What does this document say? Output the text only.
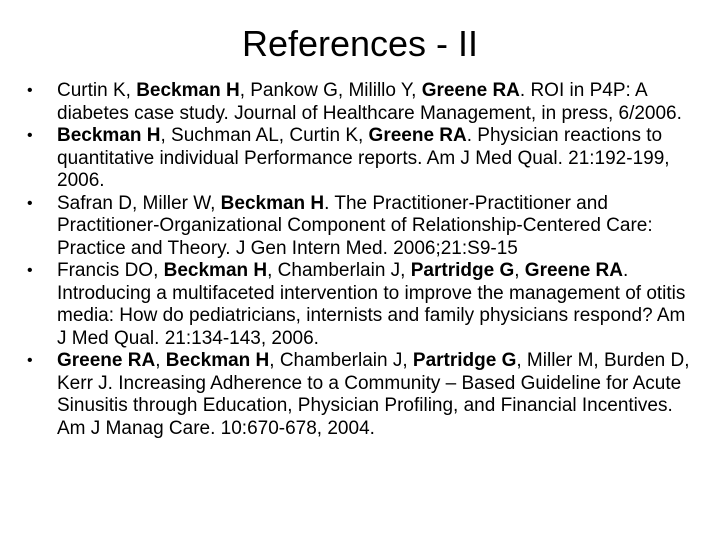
References - II
•	Curtin K, Beckman H, Pankow G, Milillo Y, Greene RA. ROI in P4P: A diabetes case study. Journal of Healthcare Management, in press, 6/2006.
•	Beckman H, Suchman AL, Curtin K, Greene RA. Physician reactions to quantitative individual Performance reports. Am J Med Qual. 21:192-199, 2006.
•	Safran D, Miller W, Beckman H. The Practitioner-Practitioner and Practitioner-Organizational Component of Relationship-Centered Care: Practice and Theory. J Gen Intern Med. 2006;21:S9-15
•	Francis DO, Beckman H, Chamberlain J, Partridge G, Greene RA. Introducing a multifaceted intervention to improve the management of otitis media: How do pediatricians, internists and family physicians respond? Am J Med Qual. 21:134-143, 2006.
•	Greene RA, Beckman H, Chamberlain J, Partridge G, Miller M, Burden D, Kerr J. Increasing Adherence to a Community – Based Guideline for Acute Sinusitis through Education, Physician Profiling, and Financial Incentives. Am J Manag Care. 10:670-678, 2004.
